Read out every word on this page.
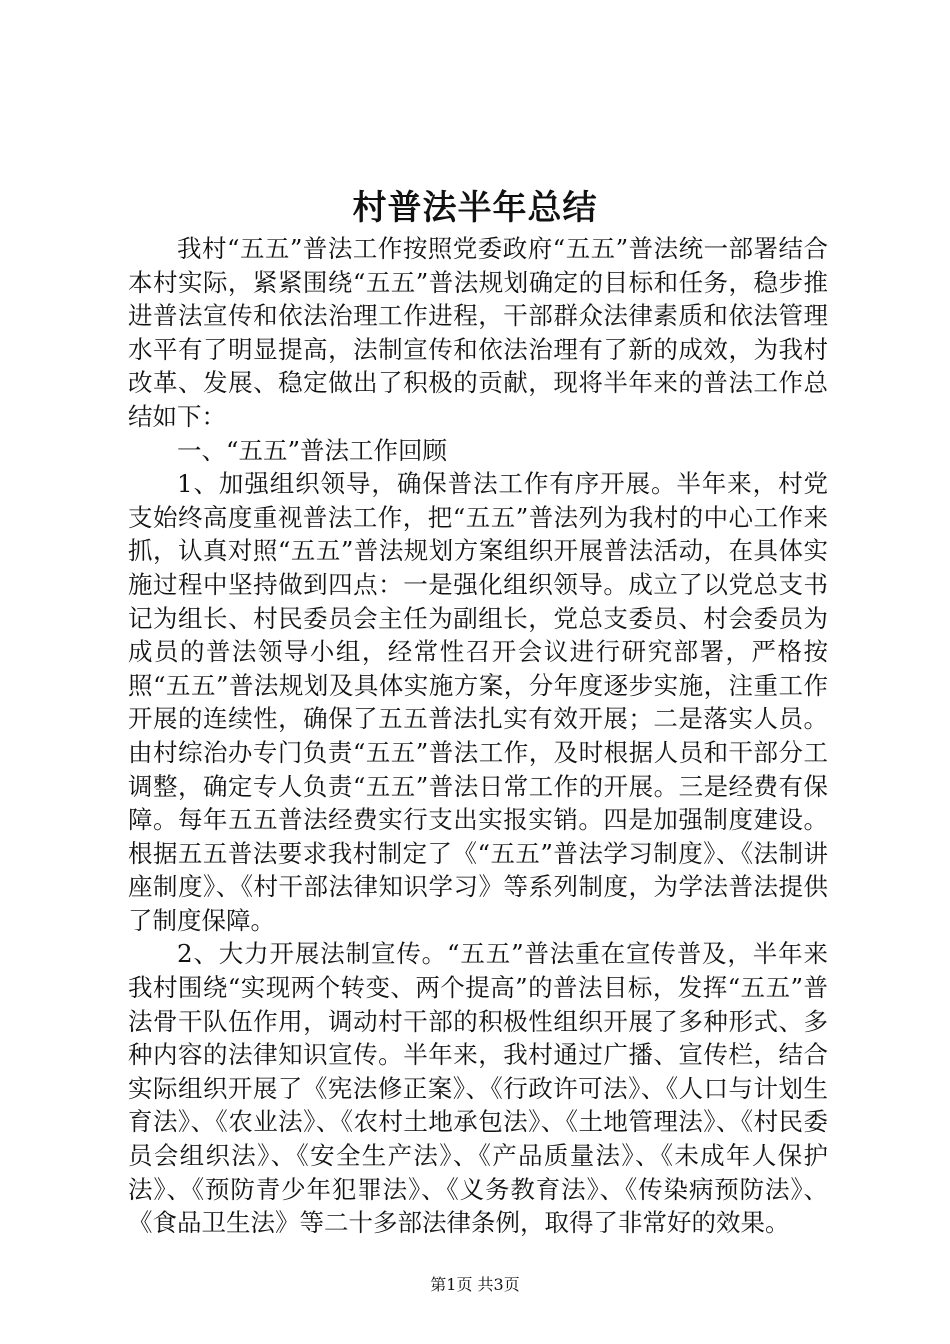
村普法半年总结

我村“五五”普法工作按照党委政府“五五”普法统一部署结合本村实际，紧紧围绕“五五”普法规划确定的目标和任务，稳步推进普法宣传和依法治理工作进程，干部群众法律素质和依法管理水平有了明显提高，法制宣传和依法治理有了新的成效，为我村改革、发展、稳定做出了积极的贡献，现将半年来的普法工作总结如下：

一、“五五”普法工作回顾

1、加强组织领导，确保普法工作有序开展。半年来，村党支始终高度重视普法工作，把“五五”普法列为我村的中心工作来抓，认真对照“五五”普法规划方案组织开展普法活动，在具体实施过程中坚持做到四点：一是强化组织领导。成立了以党总支书记为组长、村民委员会主任为副组长，党总支委员、村会委员为成员的普法领导小组，经常性召开会议进行研究部署，严格按照“五五”普法规划及具体实施方案，分年度逐步实施，注重工作开展的连续性，确保了五五普法扎实有效开展；二是落实人员。由村综治办专门负责“五五”普法工作，及时根据人员和干部分工调整，确定专人负责“五五”普法日常工作的开展。三是经费有保障。每年五五普法经费实行支出实报实销。四是加强制度建设。根据五五普法要求我村制定了《“五五”普法学习制度》、《法制讲座制度》、《村干部法律知识学习》等系列制度，为学法普法提供了制度保障。

2、大力开展法制宣传。“五五”普法重在宣传普及，半年来我村围绕“实现两个转变、两个提高”的普法目标，发挥“五五”普法骨干队伍作用，调动村干部的积极性组织开展了多种形式、多种内容的法律知识宣传。半年来，我村通过广播、宣传栏，结合实际组织开展了《宪法修正案》、《行政许可法》、《人口与计划生育法》、《农业法》、《农村土地承包法》、《土地管理法》、《村民委员会组织法》、《安全生产法》、《产品质量法》、《未成年人保护法》、《预防青少年犯罪法》、《义务教育法》、《传染病预防法》、《食品卫生法》等二十多部法律条例，取得了非常好的效果。

第1页 共3页
